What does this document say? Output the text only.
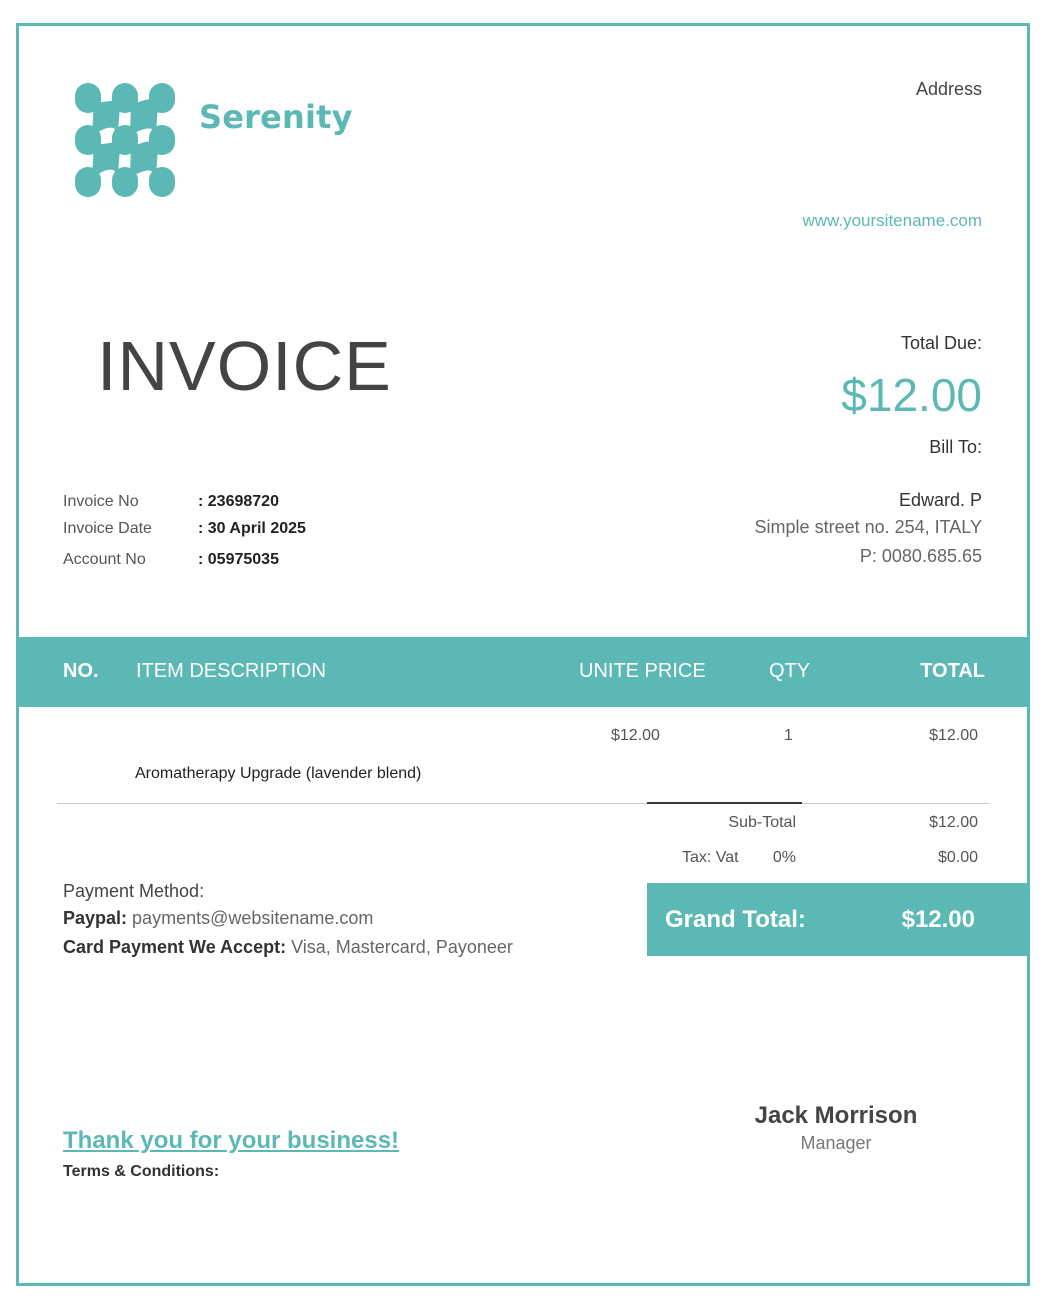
Serenity
Address
www.yoursitename.com
INVOICE	Total Due:
$12.00
Bill To:
Invoice No	: 23698720
Invoice Date	: 30 April 2025
Account No	: 05975035
Edward. P
Simple street no. 254, ITALY
P: 0080.685.65
NO. ITEM DESCRIPTION	UNITE PRICE	QTY	TOTAL
$12.00	1	$12.00
Aromatherapy Upgrade (lavender blend)
Sub-Total	$12.00
Tax: Vat 0%	$0.00
Grand Total:	$12.00
Payment Method:
Paypal: payments@websitename.com
Card Payment We Accept: Visa, Mastercard, Payoneer
Jack Morrison
Manager
Thank you for your business!
Terms & Conditions:
